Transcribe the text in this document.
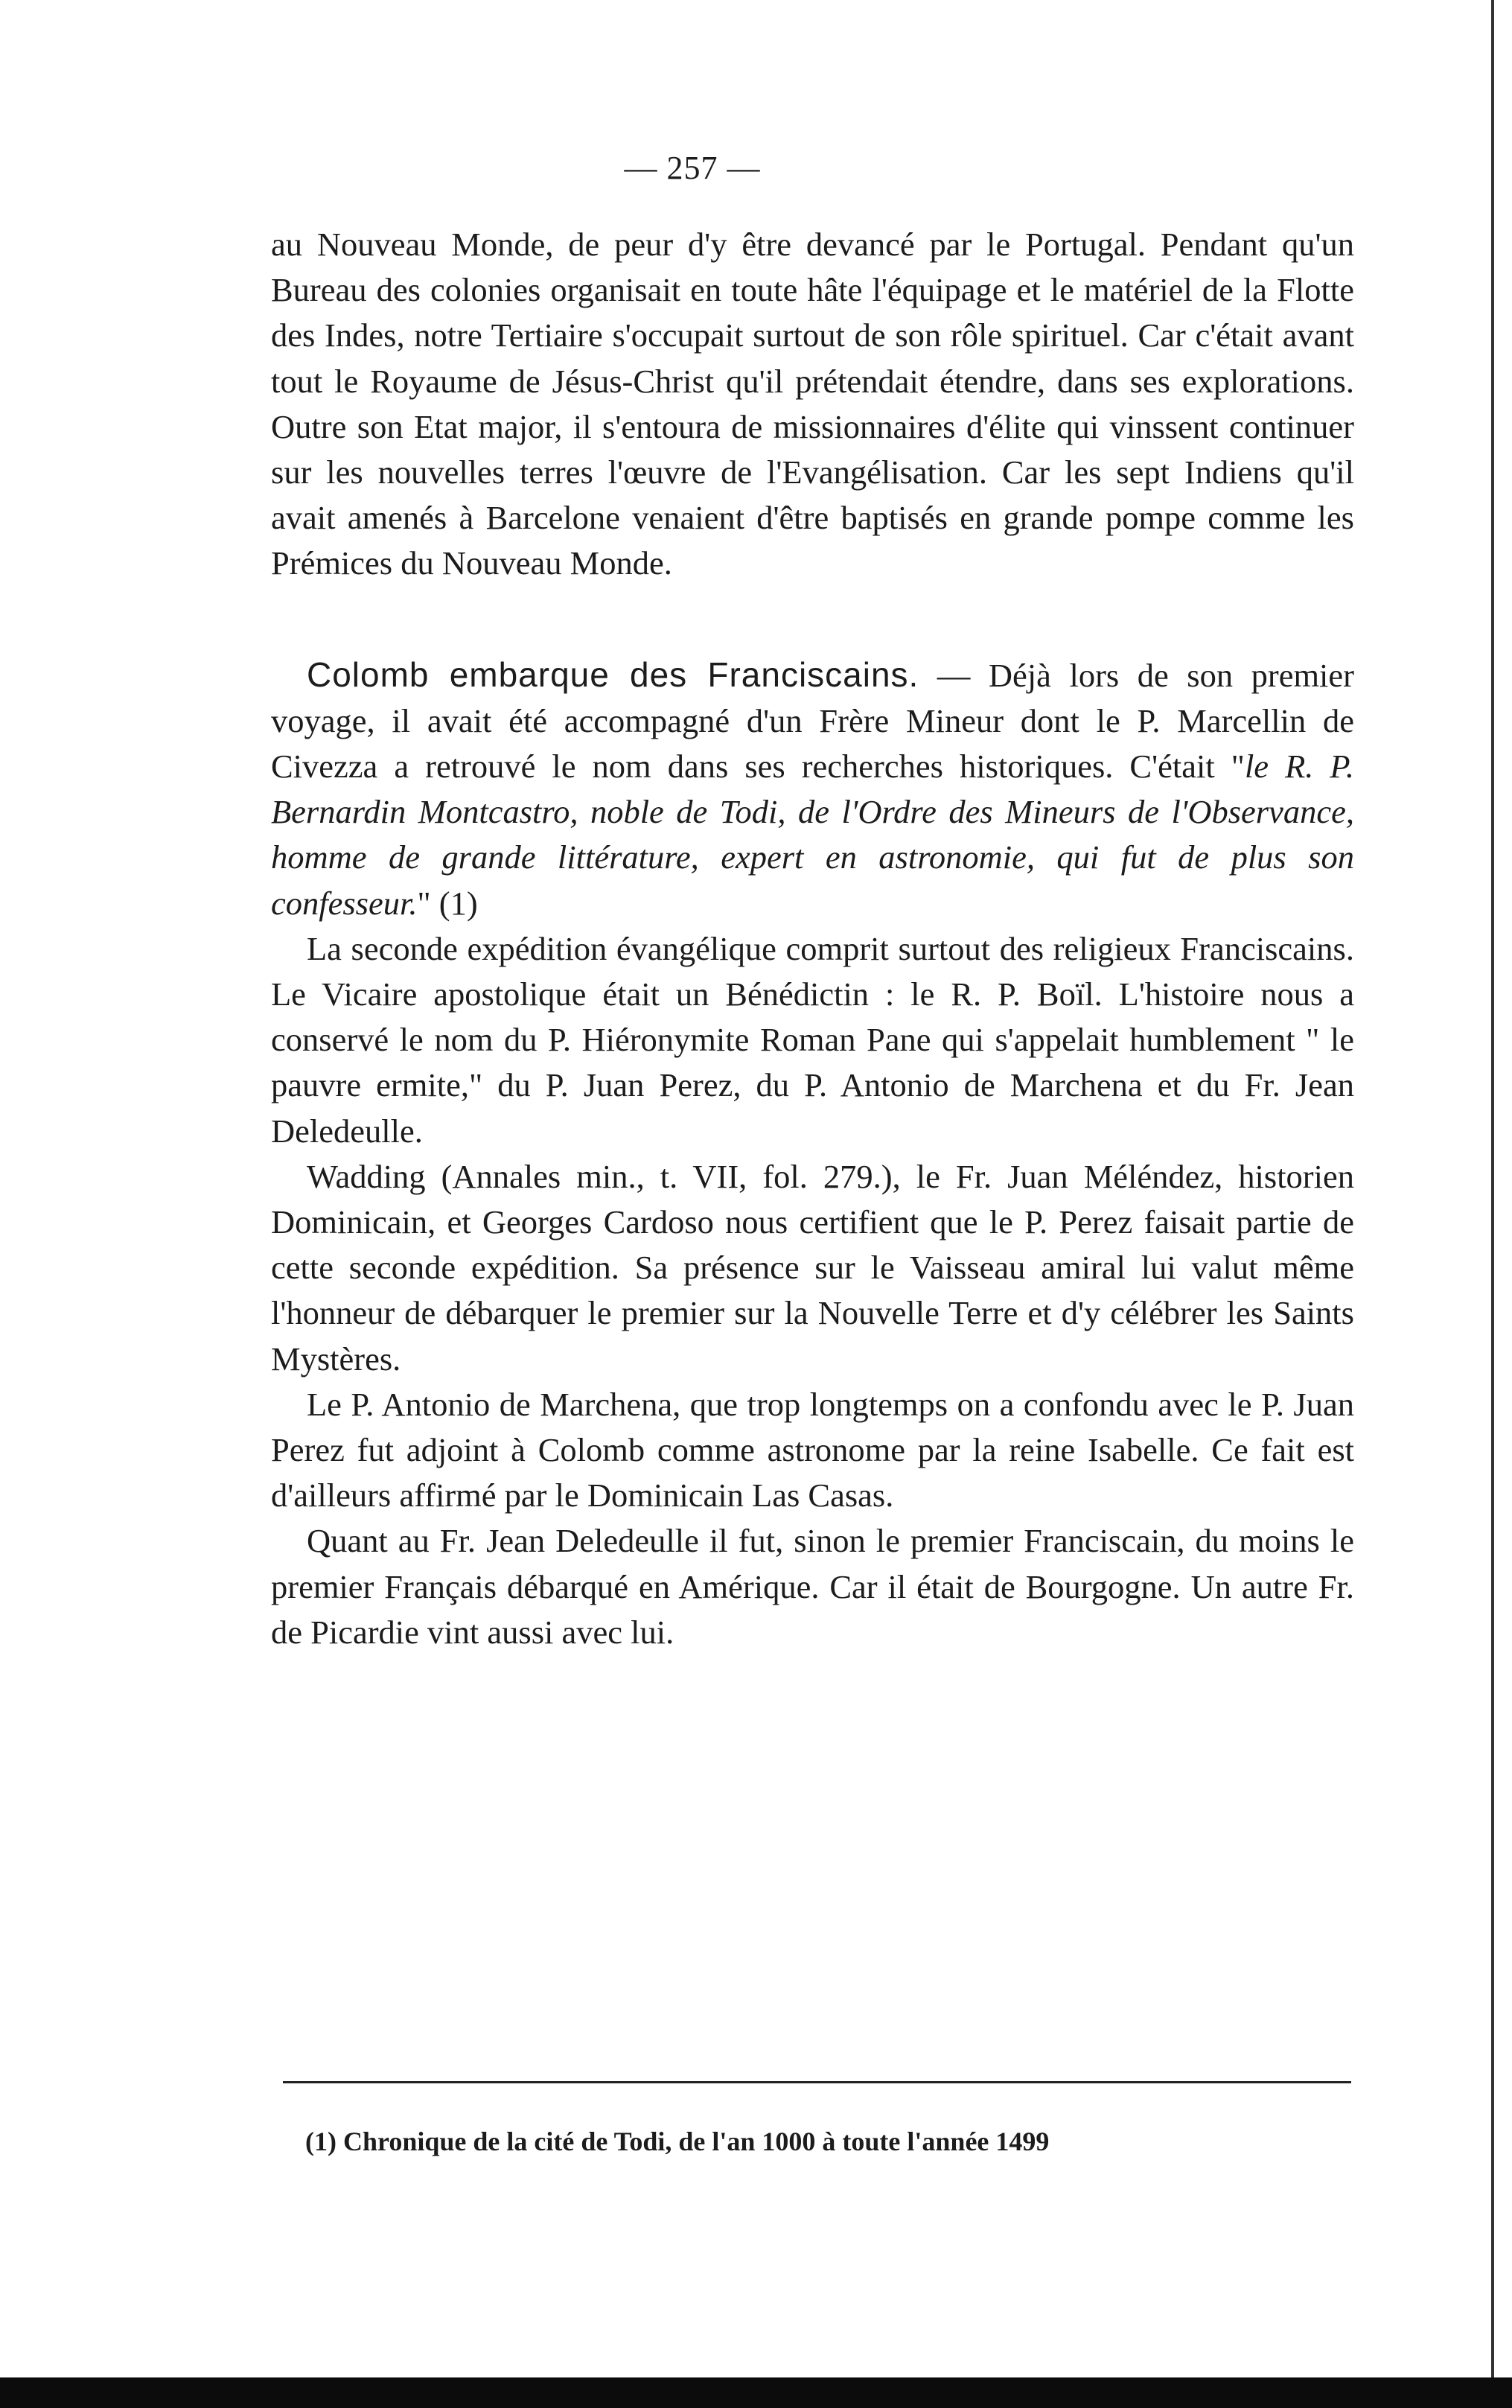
— 257 —

au Nouveau Monde, de peur d'y être devancé par le Portugal. Pendant qu'un Bureau des colonies organisait en toute hâte l'équipage et le matériel de la Flotte des Indes, notre Tertiaire s'occupait surtout de son rôle spirituel. Car c'était avant tout le Royaume de Jésus-Christ qu'il prétendait étendre, dans ses explorations. Outre son Etat major, il s'entoura de missionnaires d'élite qui vinssent continuer sur les nouvelles terres l'œuvre de l'Evangélisation. Car les sept Indiens qu'il avait amenés à Barcelone venaient d'être baptisés en grande pompe comme les Prémices du Nouveau Monde.

Colomb embarque des Franciscains. — Déjà lors de son premier voyage, il avait été accompagné d'un Frère Mineur dont le P. Marcellin de Civezza a retrouvé le nom dans ses recherches historiques. C'était "le R. P. Bernardin Montcastro, noble de Todi, de l'Ordre des Mineurs de l'Observance, homme de grande littérature, expert en astronomie, qui fut de plus son confesseur." (1)

La seconde expédition évangélique comprit surtout des religieux Franciscains. Le Vicaire apostolique était un Bénédictin : le R. P. Boïl. L'histoire nous a conservé le nom du P. Hiéronymite Roman Pane qui s'appelait humblement " le pauvre ermite," du P. Juan Perez, du P. Antonio de Marchena et du Fr. Jean Deledeulle.

Wadding (Annales min., t. VII, fol. 279.), le Fr. Juan Méléndez, historien Dominicain, et Georges Cardoso nous certifient que le P. Perez faisait partie de cette seconde expédition. Sa présence sur le Vaisseau amiral lui valut même l'honneur de débarquer le premier sur la Nouvelle Terre et d'y célébrer les Saints Mystères.

Le P. Antonio de Marchena, que trop longtemps on a confondu avec le P. Juan Perez fut adjoint à Colomb comme astronome par la reine Isabelle. Ce fait est d'ailleurs affirmé par le Dominicain Las Casas.

Quant au Fr. Jean Deledeulle il fut, sinon le premier Franciscain, du moins le premier Français débarqué en Amérique. Car il était de Bourgogne. Un autre Fr. de Picardie vint aussi avec lui.

(1) Chronique de la cité de Todi, de l'an 1000 à toute l'année 1499
